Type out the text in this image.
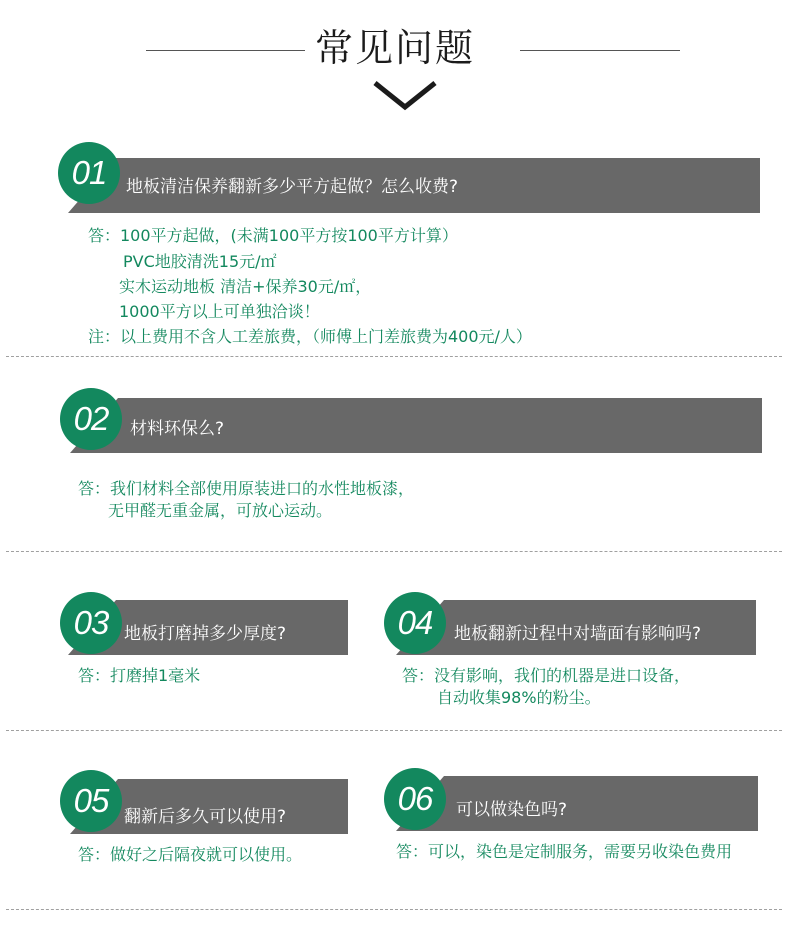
常见问题
01	地板清洁保养翻新多少平方起做？怎么收费?
答：100平方起做，(未满100平方按100平方计算）
PVC地胶清洗15元/㎡
实木运动地板 清洁+保养30元/㎡，
1000平方以上可单独洽谈！
注：以上费用不含人工差旅费，（师傅上门差旅费为400元/人）
02	材料环保么?
答：我们材料全部使用原装进口的水性地板漆，
无甲醛无重金属，可放心运动。
03 地板打磨掉多少厚度?
答：打磨掉1毫米
04	地板翻新过程中对墙面有影响吗?
答：没有影响，我们的机器是进口设备，
自动收集98%的粉尘。
05 翻新后多久可以使用?
答：做好之后隔夜就可以使用。
06	可以做染色吗?
答：可以，染色是定制服务，需要另收染色费用
